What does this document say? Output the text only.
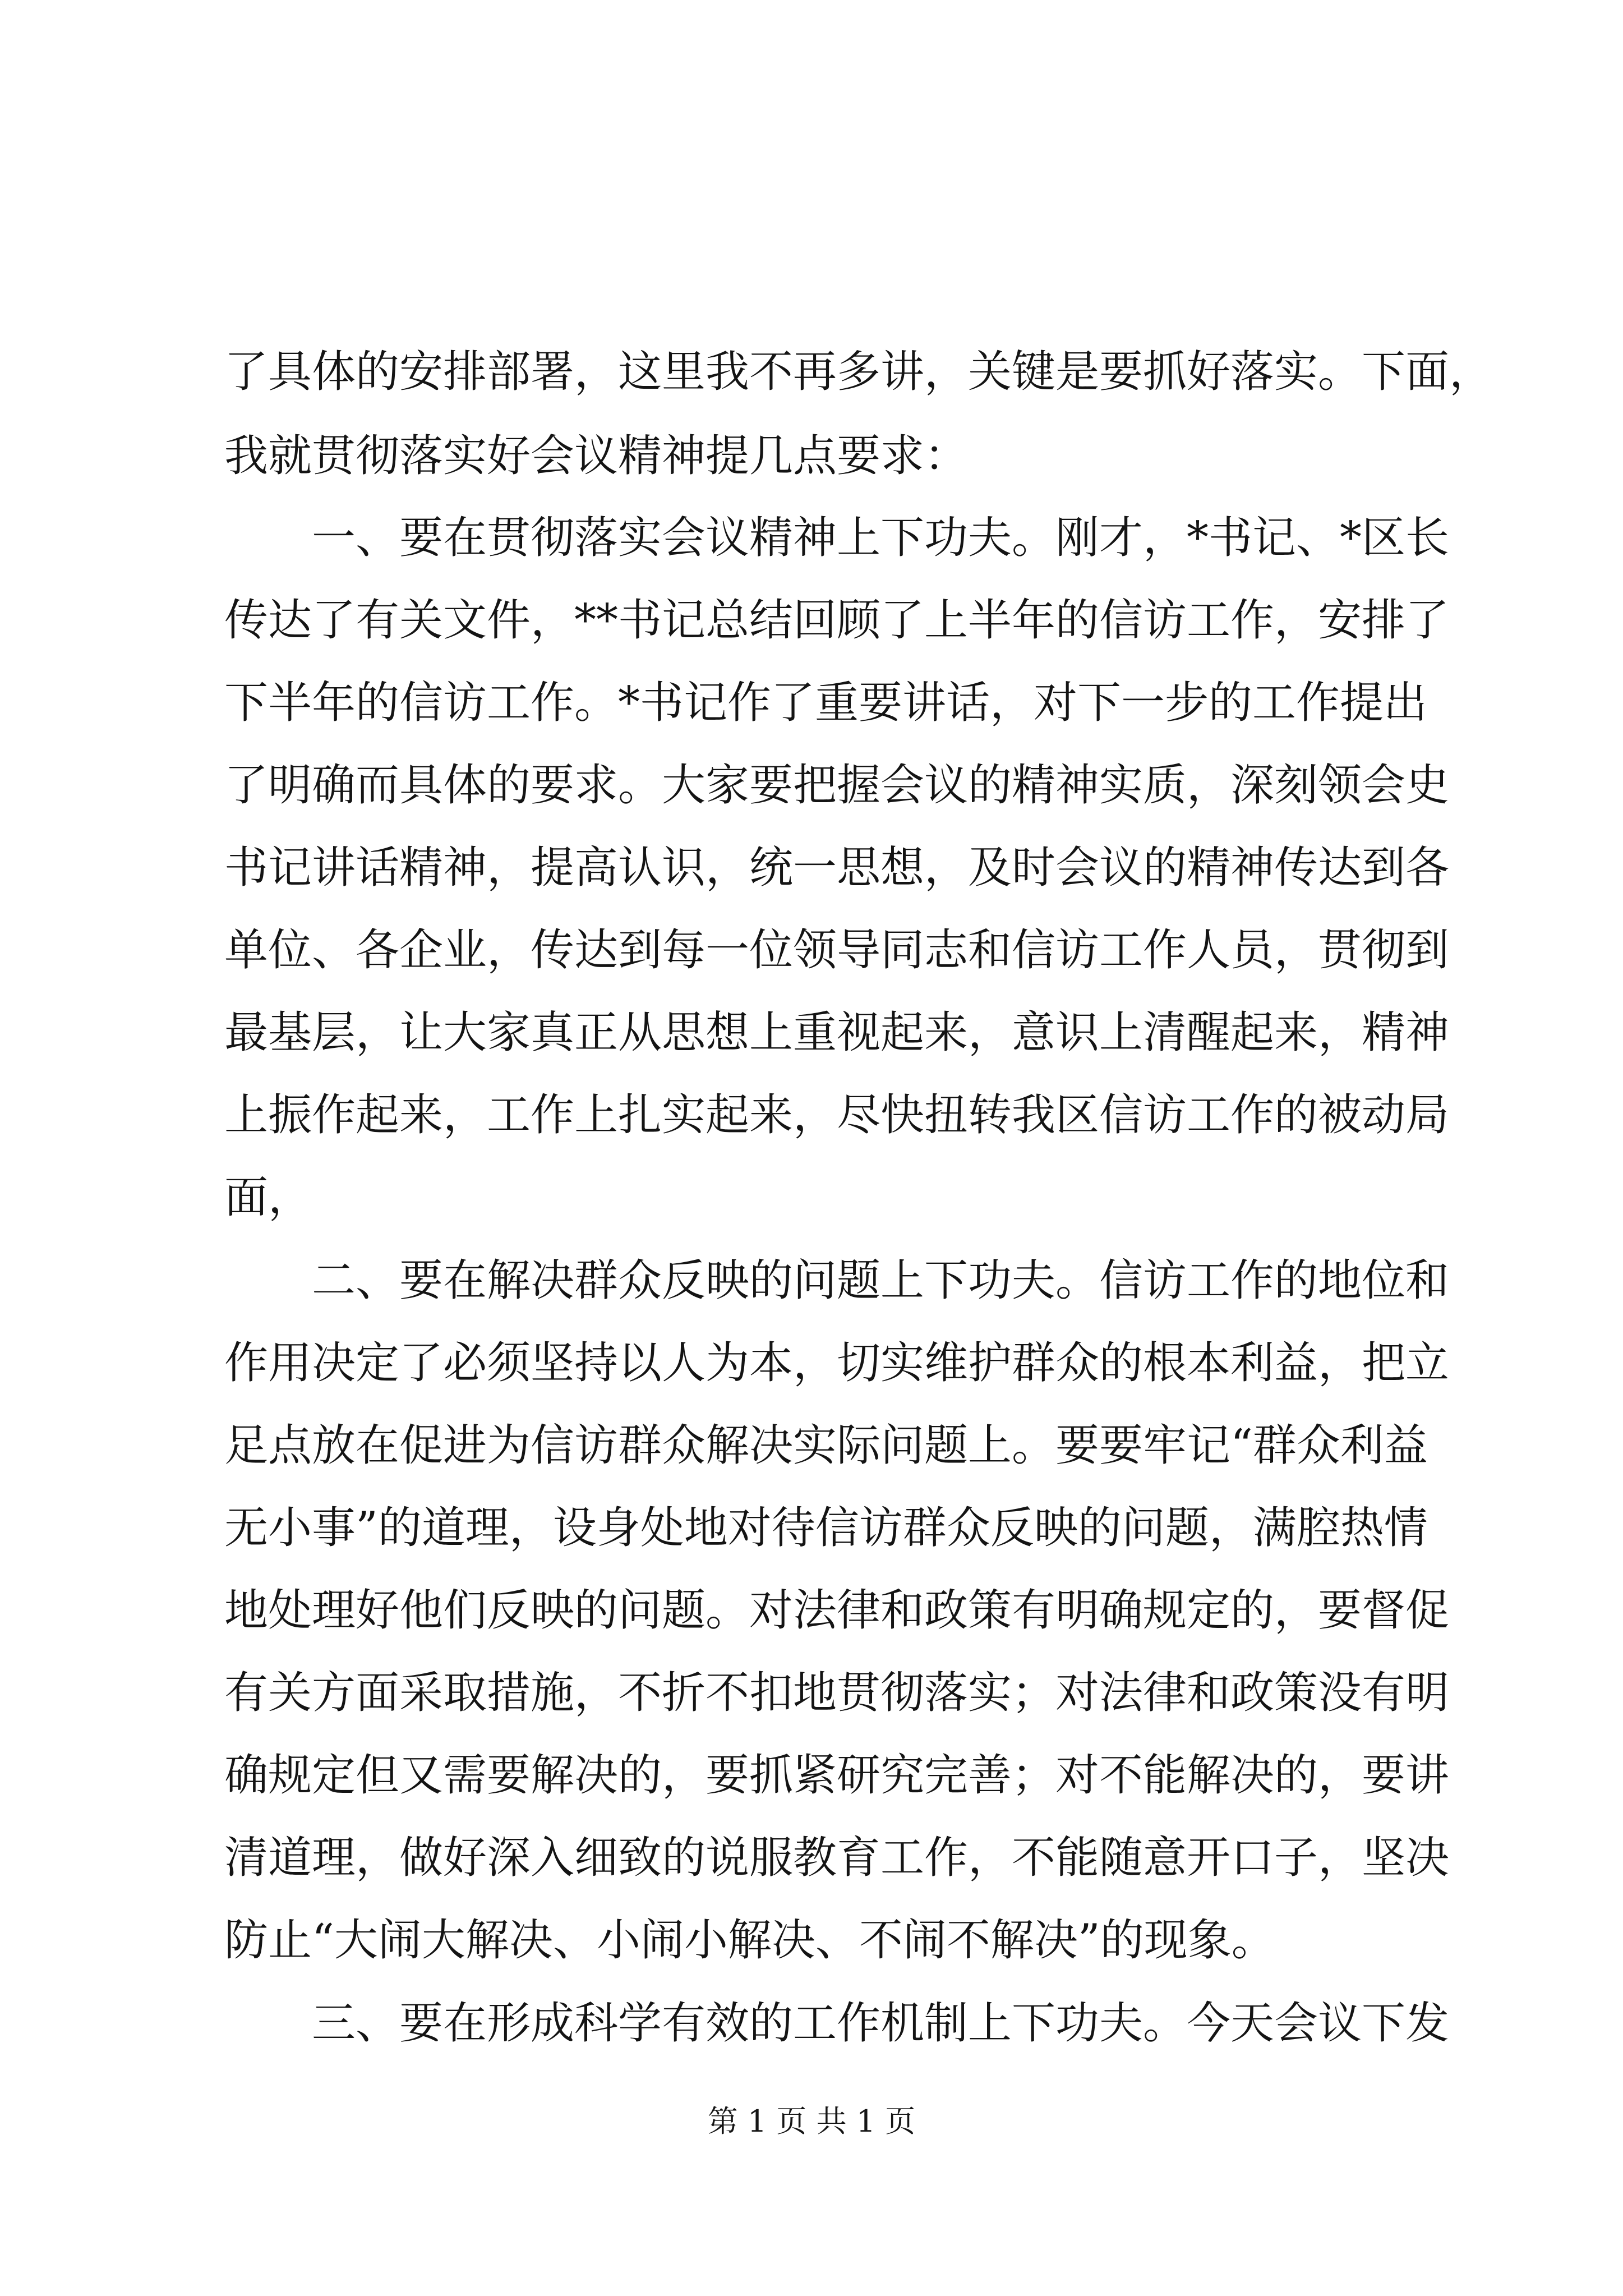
了具体的安排部署，这里我不再多讲，关键是要抓好落实。下面，
我就贯彻落实好会议精神提几点要求：
　　一、要在贯彻落实会议精神上下功夫。刚才，*书记、*区长
传达了有关文件，**书记总结回顾了上半年的信访工作，安排了
下半年的信访工作。*书记作了重要讲话，对下一步的工作提出
了明确而具体的要求。大家要把握会议的精神实质，深刻领会史
书记讲话精神，提高认识，统一思想，及时会议的精神传达到各
单位、各企业，传达到每一位领导同志和信访工作人员，贯彻到
最基层，让大家真正从思想上重视起来，意识上清醒起来，精神
上振作起来，工作上扎实起来，尽快扭转我区信访工作的被动局
面，
　　二、要在解决群众反映的问题上下功夫。信访工作的地位和
作用决定了必须坚持以人为本，切实维护群众的根本利益，把立
足点放在促进为信访群众解决实际问题上。要要牢记“群众利益
无小事”的道理，设身处地对待信访群众反映的问题，满腔热情
地处理好他们反映的问题。对法律和政策有明确规定的，要督促
有关方面采取措施，不折不扣地贯彻落实；对法律和政策没有明
确规定但又需要解决的，要抓紧研究完善；对不能解决的，要讲
清道理，做好深入细致的说服教育工作，不能随意开口子，坚决
防止“大闹大解决、小闹小解决、不闹不解决”的现象。
　　三、要在形成科学有效的工作机制上下功夫。今天会议下发
第 1 页 共 1 页
